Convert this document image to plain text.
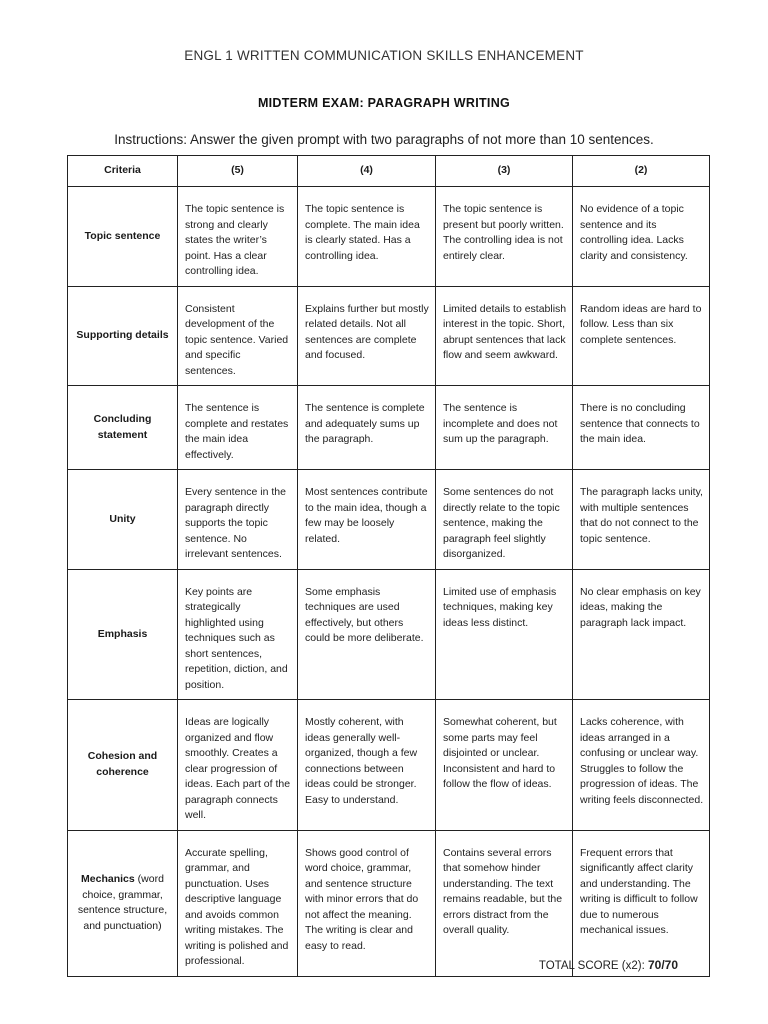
ENGL 1 WRITTEN COMMUNICATION SKILLS ENHANCEMENT
MIDTERM EXAM: PARAGRAPH WRITING
Instructions: Answer the given prompt with two paragraphs of not more than 10 sentences.
Criteria	(5)	(4)	(3)	(2)
Topic sentence	The topic sentence is strong and clearly states the writer’s point. Has a clear controlling idea.	The topic sentence is complete. The main idea is clearly stated. Has a controlling idea.	The topic sentence is present but poorly written. The controlling idea is not entirely clear.	No evidence of a topic sentence and its controlling idea. Lacks clarity and consistency.
Supporting details	Consistent development of the topic sentence. Varied and specific sentences.	Explains further but mostly related details. Not all sentences are complete and focused.	Limited details to establish interest in the topic. Short, abrupt sentences that lack flow and seem awkward.	Random ideas are hard to follow. Less than six complete sentences.
Concluding statement	The sentence is complete and restates the main idea effectively.	The sentence is complete and adequately sums up the paragraph.	The sentence is incomplete and does not sum up the paragraph.	There is no concluding sentence that connects to the main idea.
Unity	Every sentence in the paragraph directly supports the topic sentence. No irrelevant sentences.	Most sentences contribute to the main idea, though a few may be loosely related.	Some sentences do not directly relate to the topic sentence, making the paragraph feel slightly disorganized.	The paragraph lacks unity, with multiple sentences that do not connect to the topic sentence.
Emphasis	Key points are strategically highlighted using techniques such as short sentences, repetition, diction, and position.	Some emphasis techniques are used effectively, but others could be more deliberate.	Limited use of emphasis techniques, making key ideas less distinct.	No clear emphasis on key ideas, making the paragraph lack impact.
Cohesion and coherence	Ideas are logically organized and flow smoothly. Creates a clear progression of ideas. Each part of the paragraph connects well.	Mostly coherent, with ideas generally well-organized, though a few connections between ideas could be stronger. Easy to understand.	Somewhat coherent, but some parts may feel disjointed or unclear. Inconsistent and hard to follow the flow of ideas.	Lacks coherence, with ideas arranged in a confusing or unclear way. Struggles to follow the progression of ideas. The writing feels disconnected.
Mechanics (word choice, grammar, sentence structure, and punctuation)	Accurate spelling, grammar, and punctuation. Uses descriptive language and avoids common writing mistakes. The writing is polished and professional.	Shows good control of word choice, grammar, and sentence structure with minor errors that do not affect the meaning. The writing is clear and easy to read.	Contains several errors that somehow hinder understanding. The text remains readable, but the errors distract from the overall quality.	Frequent errors that significantly affect clarity and understanding. The writing is difficult to follow due to numerous mechanical issues.
TOTAL SCORE (x2): 70/70
